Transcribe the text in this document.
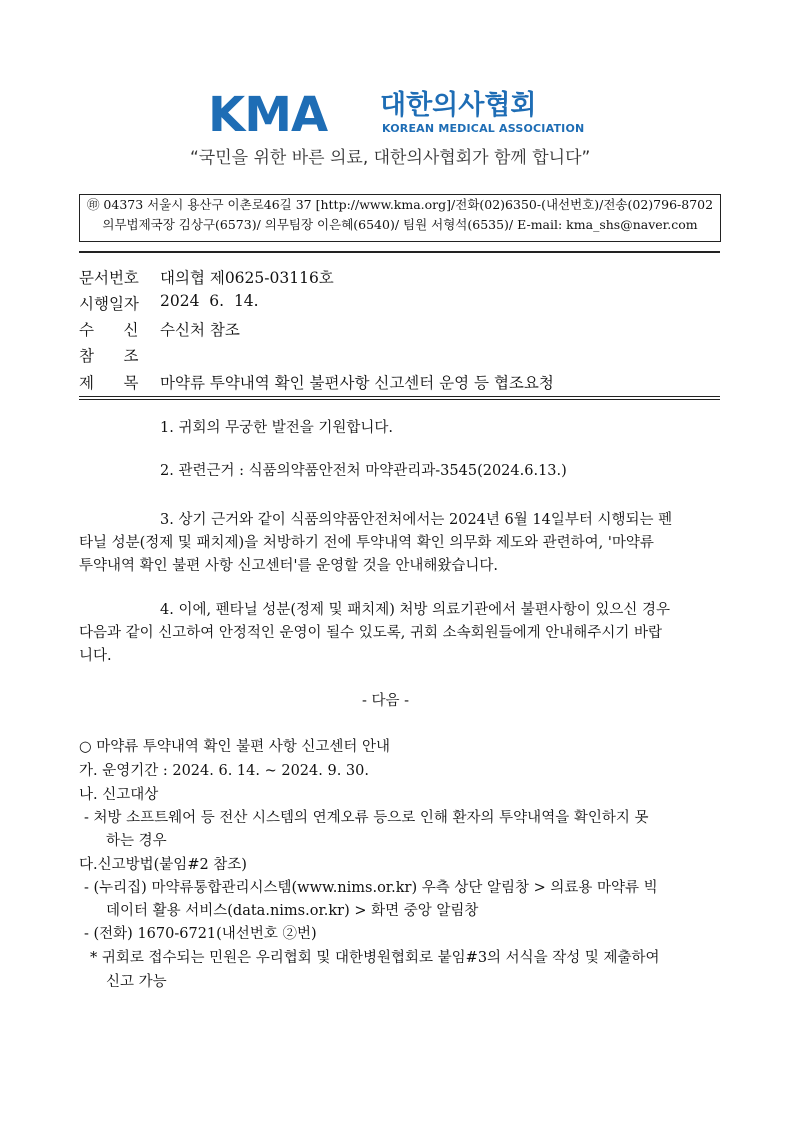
KMA 대한의사협회
KOREAN MEDICAL ASSOCIATION
“국민을 위한 바른 의료, 대한의사협회가 함께 합니다”
㊞ 04373 서울시 용산구 이촌로46길 37 [http://www.kma.org]/전화(02)6350-(내선번호)/전송(02)796-8702
의무법제국장 김상구(6573)/ 의무팀장 이은혜(6540)/ 팀원 서형석(6535)/ E-mail: kma_shs@naver.com
문서번호 대의협 제0625-03116호
시행일자 2024  6.  14.
수      신 수신처 참조
참      조
제      목 마약류 투약내역 확인 불편사항 신고센터 운영 등 협조요청
1. 귀회의 무궁한 발전을 기원합니다.
2. 관련근거 : 식품의약품안전처 마약관리과-3545(2024.6.13.)
3. 상기 근거와 같이 식품의약품안전처에서는 2024년 6월 14일부터 시행되는 펜
타닐 성분(정제 및 패치제)을 처방하기 전에 투약내역 확인 의무화 제도와 관련하여, '마약류
투약내역 확인 불편 사항 신고센터'를 운영할 것을 안내해왔습니다.
4. 이에, 펜타닐 성분(정제 및 패치제) 처방 의료기관에서 불편사항이 있으신 경우
다음과 같이 신고하여 안정적인 운영이 될수 있도록, 귀회 소속회원들에게 안내해주시기 바랍
니다.
- 다음 -
○ 마약류 투약내역 확인 불편 사항 신고센터 안내
가. 운영기간 : 2024. 6. 14. ~ 2024. 9. 30.
나. 신고대상
- 처방 소프트웨어 등 전산 시스템의 연계오류 등으로 인해 환자의 투약내역을 확인하지 못
하는 경우
다.신고방법(붙임#2 참조)
- (누리집) 마약류통합관리시스템(www.nims.or.kr) 우측 상단 알림창 > 의료용 마약류 빅
데이터 활용 서비스(data.nims.or.kr) > 화면 중앙 알림창
- (전화) 1670-6721(내선번호 ②번)
* 귀회로 접수되는 민원은 우리협회 및 대한병원협회로 붙임#3의 서식을 작성 및 제출하여
신고 가능
